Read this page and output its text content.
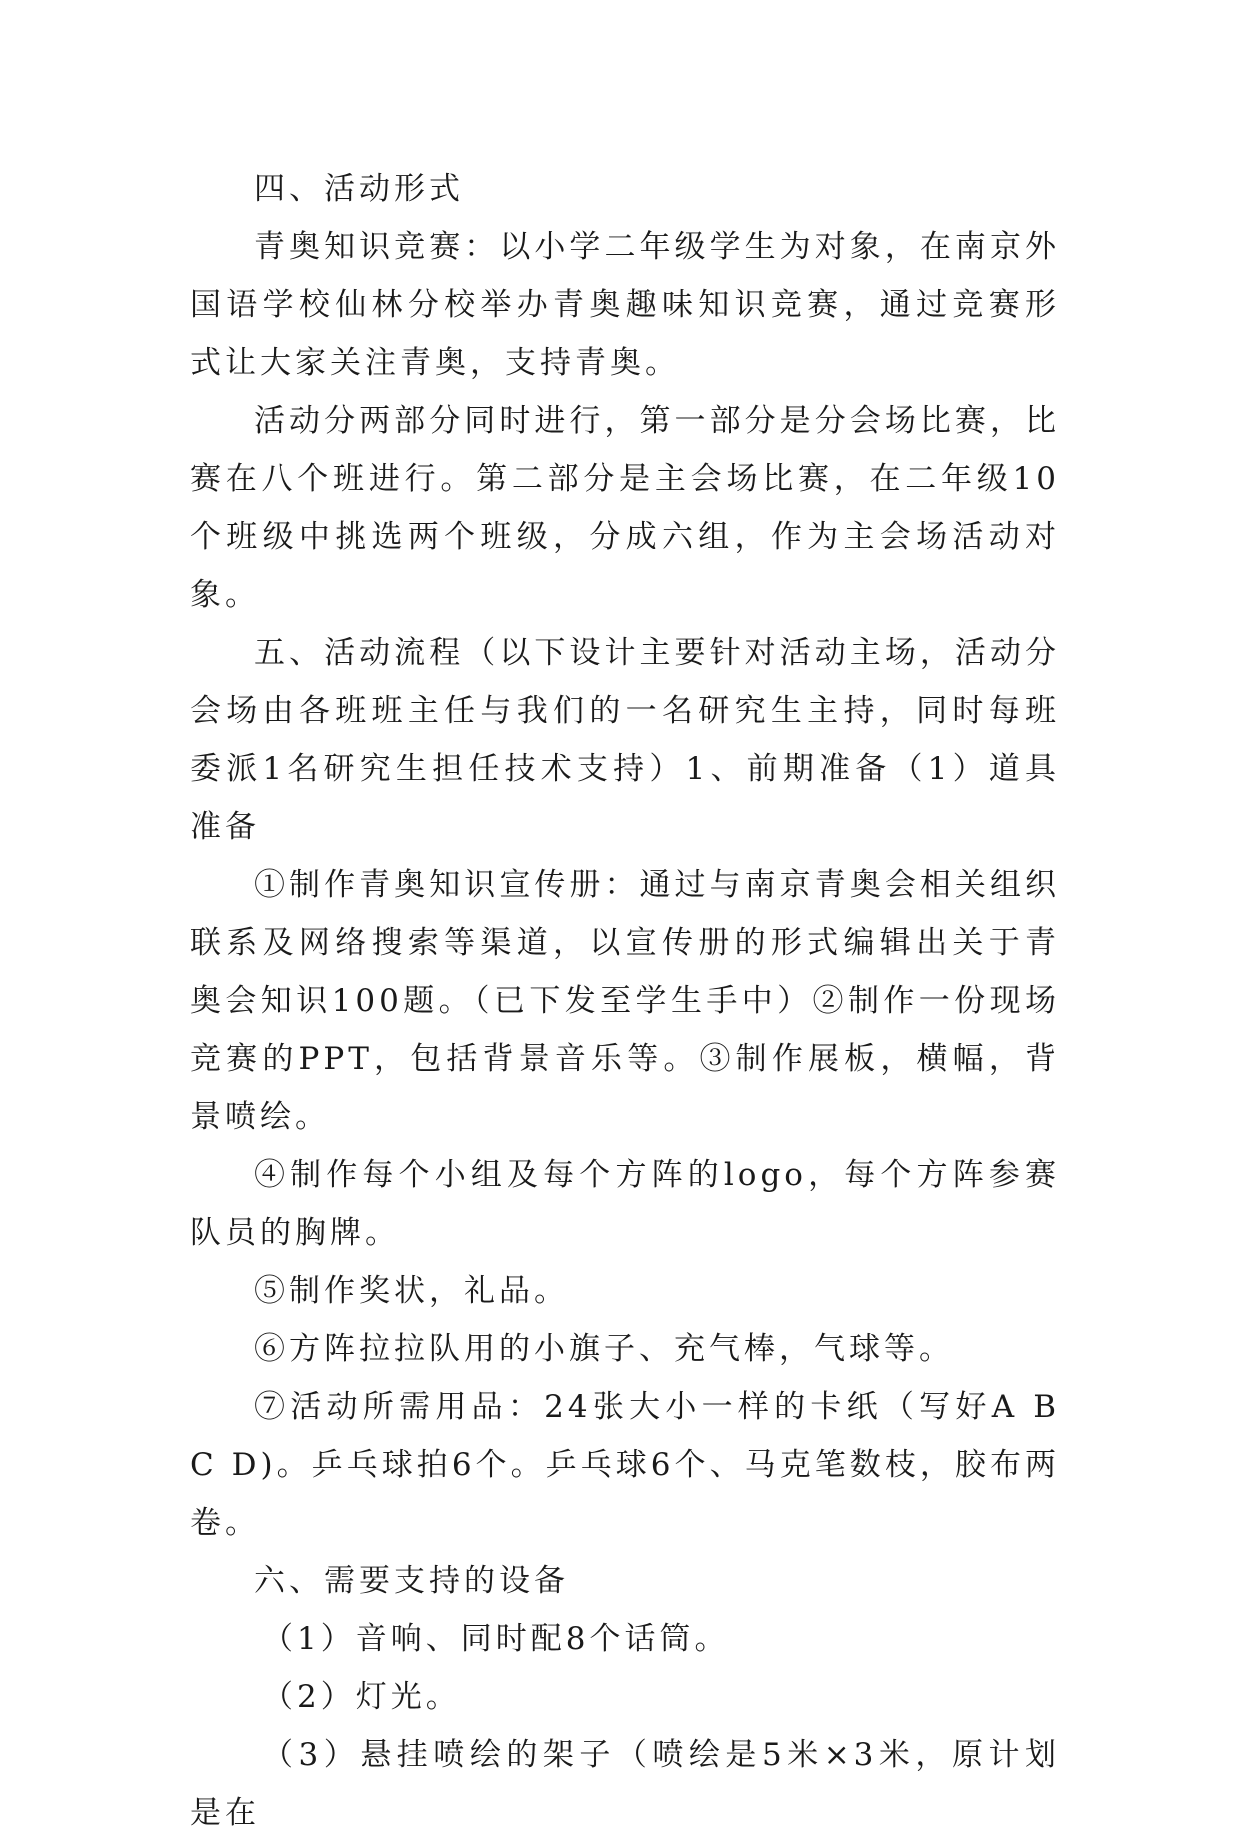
四、活动形式

青奥知识竞赛：以小学二年级学生为对象，在南京外国语学校仙林分校举办青奥趣味知识竞赛，通过竞赛形式让大家关注青奥，支持青奥。

活动分两部分同时进行，第一部分是分会场比赛，比赛在八个班进行。第二部分是主会场比赛，在二年级10个班级中挑选两个班级，分成六组，作为主会场活动对象。

五、活动流程（以下设计主要针对活动主场，活动分会场由各班班主任与我们的一名研究生主持，同时每班委派1名研究生担任技术支持）1、前期准备（1）道具准备

①制作青奥知识宣传册：通过与南京青奥会相关组织联系及网络搜索等渠道，以宣传册的形式编辑出关于青奥会知识100题。（已下发至学生手中）②制作一份现场竞赛的PPT，包括背景音乐等。③制作展板，横幅，背景喷绘。

④制作每个小组及每个方阵的logo，每个方阵参赛队员的胸牌。

⑤制作奖状，礼品。

⑥方阵拉拉队用的小旗子、充气棒，气球等。

⑦活动所需用品：24张大小一样的卡纸（写好A B C D)。乒乓球拍6个。乒乓球6个、马克笔数枝，胶布两卷。

六、需要支持的设备

（1）音响、同时配8个话筒。

（2）灯光。

（3）悬挂喷绘的架子（喷绘是5米×3米，原计划是在
